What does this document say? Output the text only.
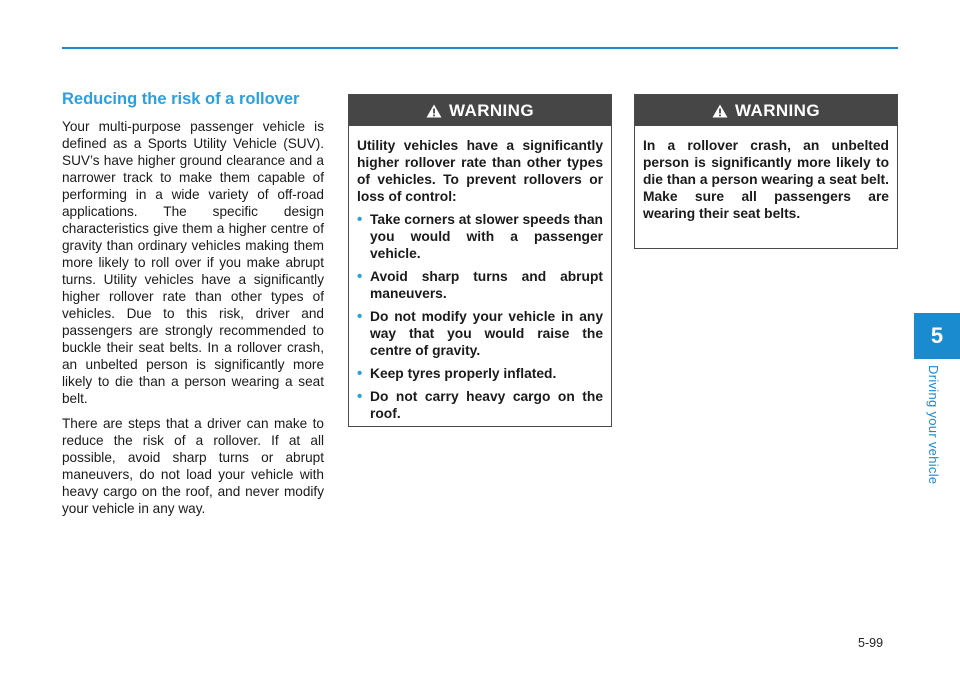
Reducing the risk of a rollover

Your multi-purpose passenger vehicle is defined as a Sports Utility Vehicle (SUV). SUV’s have higher ground clearance and a narrower track to make them capable of performing in a wide variety of off-road applications. The specific design characteristics give them a higher centre of gravity than ordinary vehicles making them more likely to roll over if you make abrupt turns. Utility vehicles have a significantly higher rollover rate than other types of vehicles. Due to this risk, driver and passengers are strongly recommended to buckle their seat belts. In a rollover crash, an unbelted person is significantly more likely to die than a person wearing a seat belt.

There are steps that a driver can make to reduce the risk of a rollover. If at all possible, avoid sharp turns or abrupt maneuvers, do not load your vehicle with heavy cargo on the roof, and never modify your vehicle in any way.

WARNING

Utility vehicles have a significantly higher rollover rate than other types of vehicles. To prevent rollovers or loss of control:

• Take corners at slower speeds than you would with a passenger vehicle.
• Avoid sharp turns and abrupt maneuvers.
• Do not modify your vehicle in any way that you would raise the centre of gravity.
• Keep tyres properly inflated.
• Do not carry heavy cargo on the roof.
WARNING

In a rollover crash, an unbelted person is significantly more likely to die than a person wearing a seat belt. Make sure all passengers are wearing their seat belts.

5
Driving your vehicle
5-99
